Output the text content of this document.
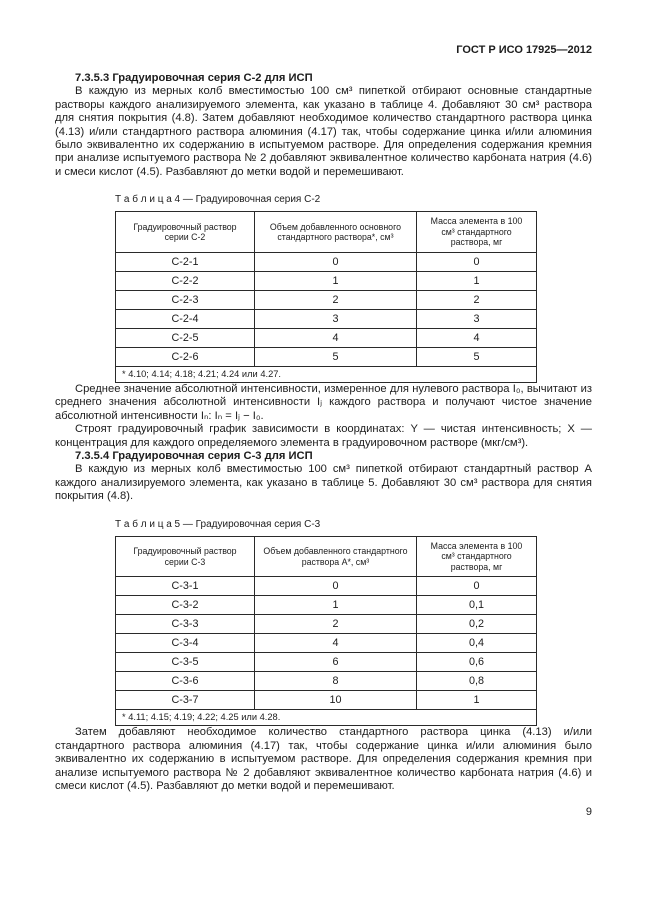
ГОСТ Р ИСО 17925—2012

7.3.5.3 Градуировочная серия С-2 для ИСП

В каждую из мерных колб вместимостью 100 см³ пипеткой отбирают основные стандартные растворы каждого анализируемого элемента, как указано в таблице 4. Добавляют 30 см³ раствора для снятия покрытия (4.8). Затем добавляют необходимое количество стандартного раствора цинка (4.13) и/или стандартного раствора алюминия (4.17) так, чтобы содержание цинка и/или алюминия было эквивалентно их содержанию в испытуемом растворе. Для определения содержания кремния при анализе испытуемого раствора № 2 добавляют эквивалентное количество карбоната натрия (4.6) и смеси кислот (4.5). Разбавляют до метки водой и перемешивают.

Т а б л и ц а 4 — Градуировочная серия С-2
Градуировочный раствор серии С-2	Объем добавленного основного стандартного раствора*, см³	Масса элемента в 100 см³ стандартного раствора, мг
С-2-1	0	0
С-2-2	1	1
С-2-3	2	2
С-2-4	3	3
С-2-5	4	4
С-2-6	5	5
* 4.10; 4.14; 4.18; 4.21; 4.24 или 4.27.		

Среднее значение абсолютной интенсивности, измеренное для нулевого раствора I₀, вычитают из среднего значения абсолютной интенсивности Iⱼ каждого раствора и получают чистое значение абсолютной интенсивности Iₙ: Iₙ = Iⱼ − I₀.

Строят градуировочный график зависимости в координатах: Y — чистая интенсивность; X — концентрация для каждого определяемого элемента в градуировочном растворе (мкг/см³).

7.3.5.4 Градуировочная серия С-3 для ИСП

В каждую из мерных колб вместимостью 100 см³ пипеткой отбирают стандартный раствор А каждого анализируемого элемента, как указано в таблице 5. Добавляют 30 см³ раствора для снятия покрытия (4.8).

Т а б л и ц а 5 — Градуировочная серия С-3
Градуировочный раствор серии С-3	Объем добавленного стандартного раствора А*, см³	Масса элемента в 100 см³ стандартного раствора, мг
С-3-1	0	0
С-3-2	1	0,1
С-3-3	2	0,2
С-3-4	4	0,4
С-3-5	6	0,6
С-3-6	8	0,8
С-3-7	10	1
* 4.11; 4.15; 4.19; 4.22; 4.25 или 4.28.		

Затем добавляют необходимое количество стандартного раствора цинка (4.13) и/или стандартного раствора алюминия (4.17) так, чтобы содержание цинка и/или алюминия было эквивалентно их содержанию в испытуемом растворе. Для определения содержания кремния при анализе испытуемого раствора № 2 добавляют эквивалентное количество карбоната натрия (4.6) и смеси кислот (4.5). Разбавляют до метки водой и перемешивают.

9
